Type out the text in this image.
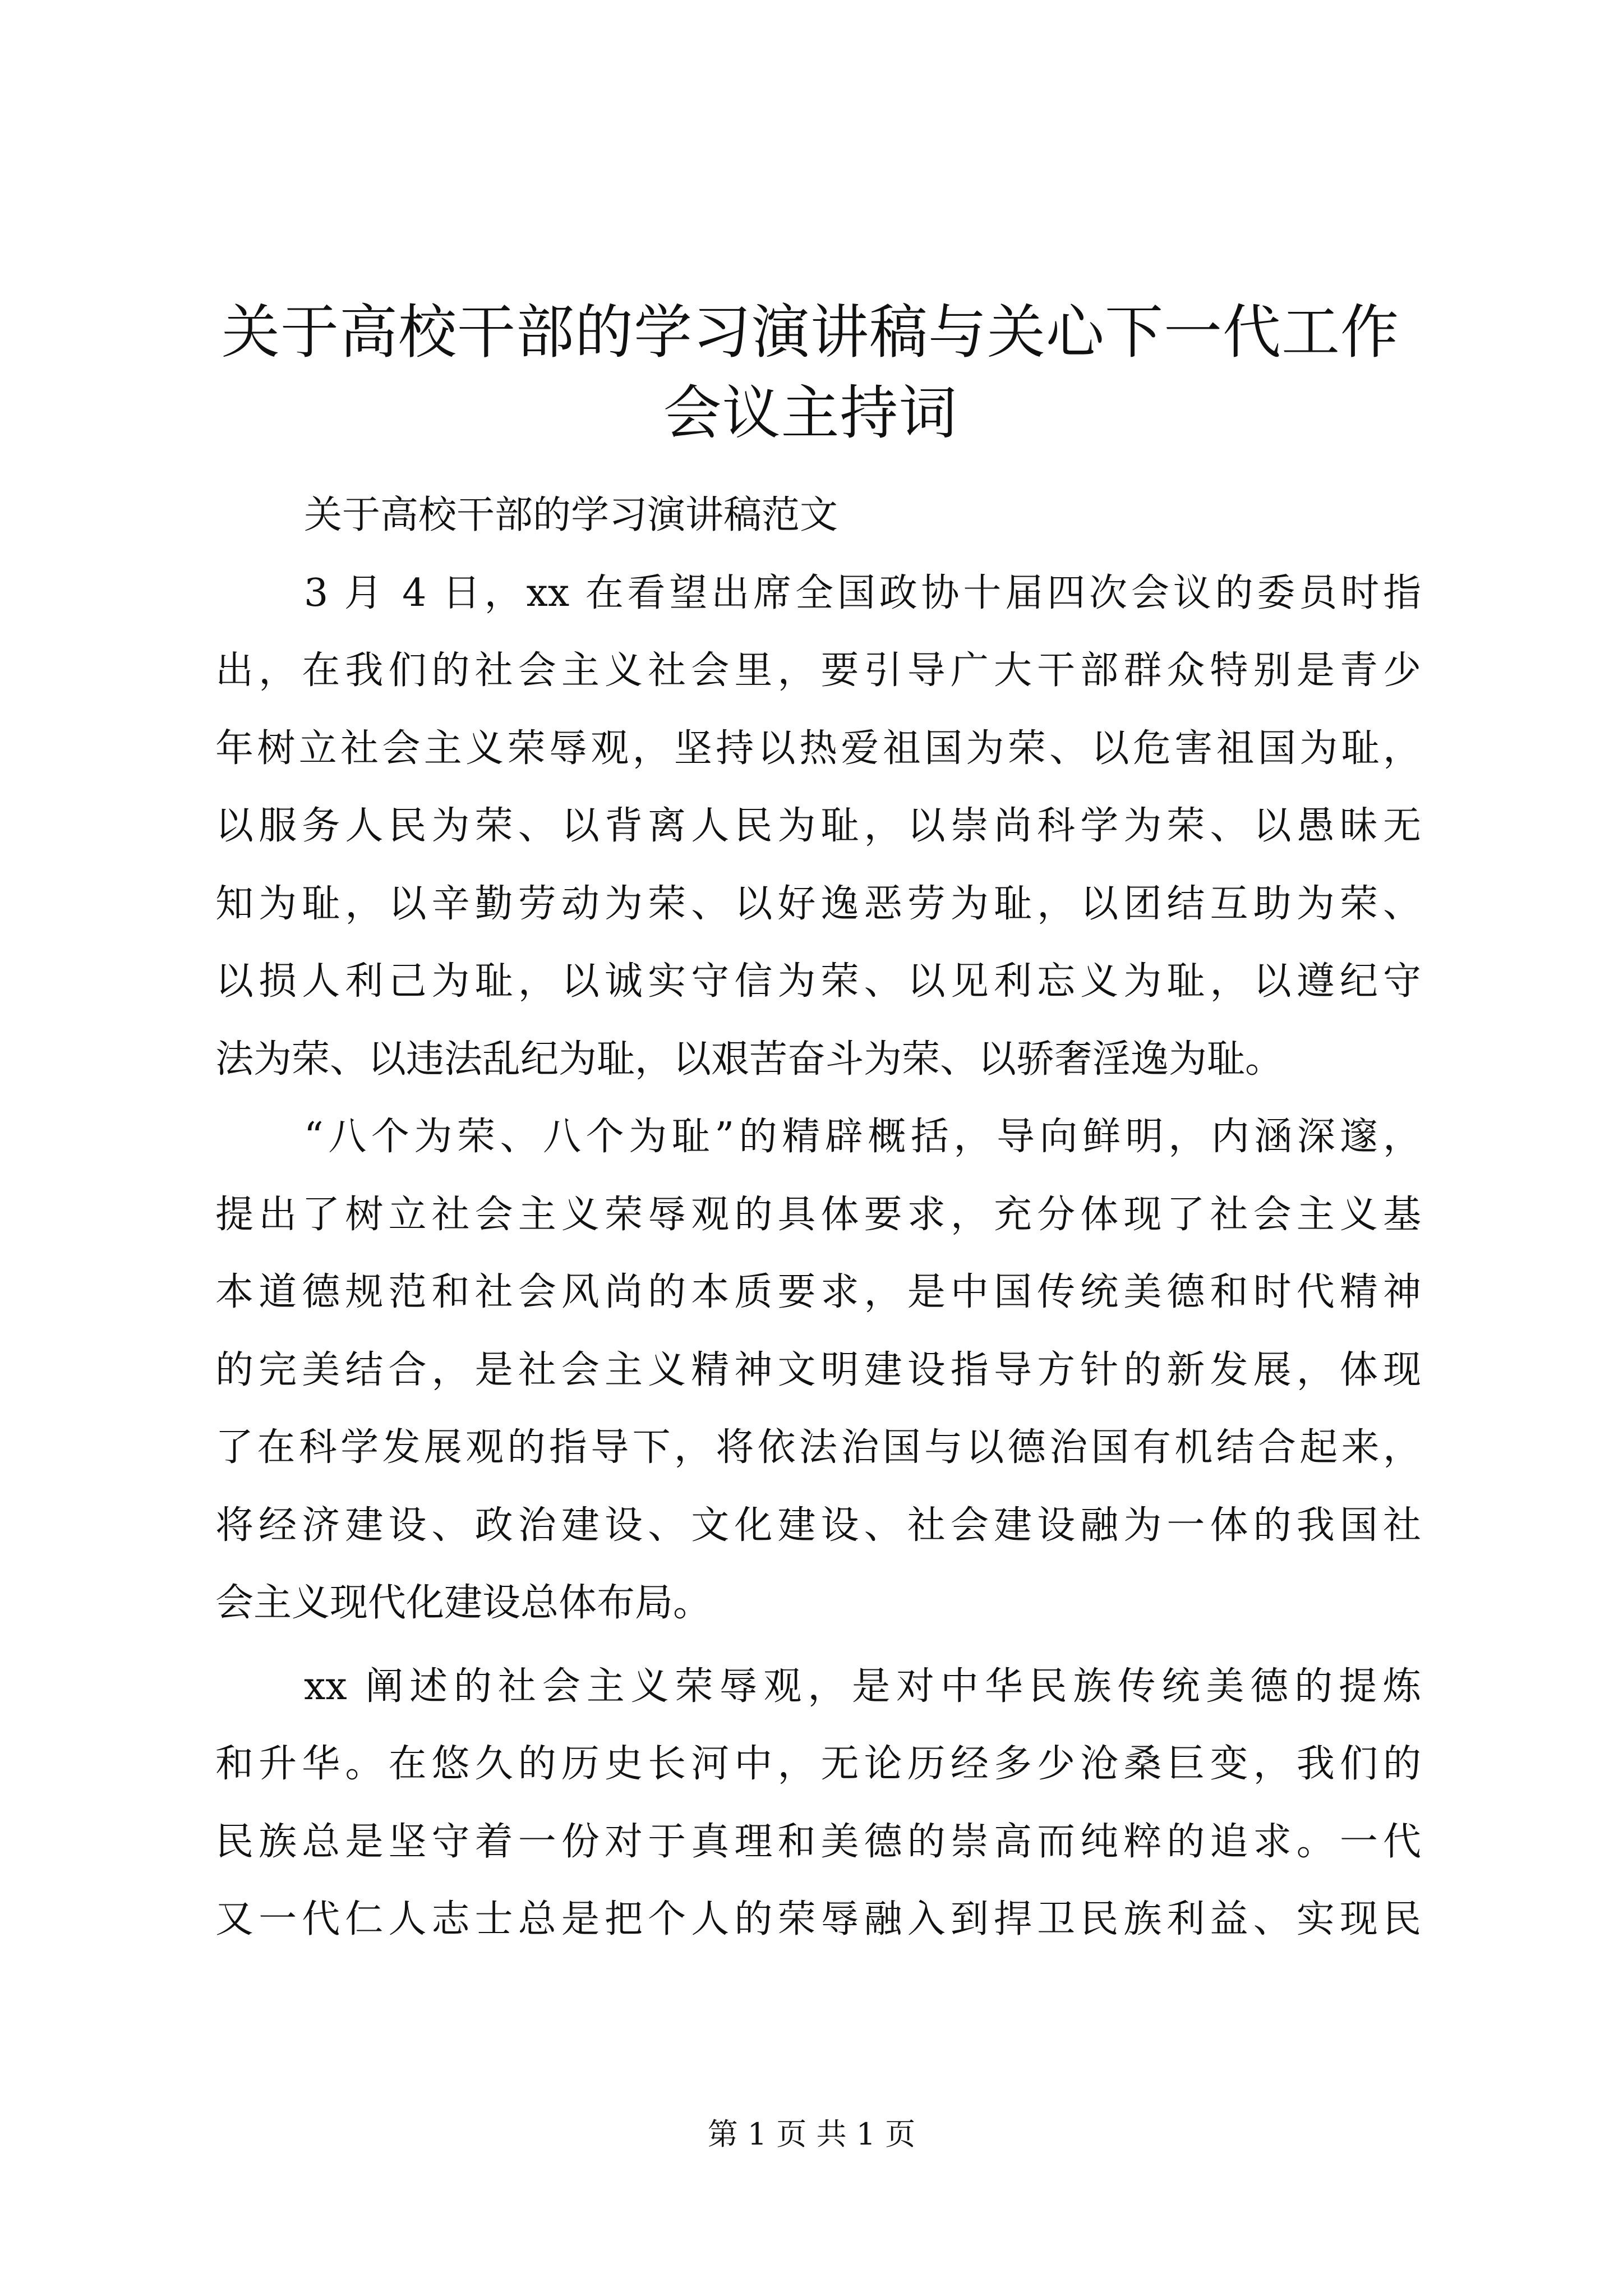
关于高校干部的学习演讲稿与关心下一代工作
会议主持词
关于高校干部的学习演讲稿范文
3 月 4 日，xx 在看望出席全国政协十届四次会议的委员时指
出，在我们的社会主义社会里，要引导广大干部群众特别是青少
年树立社会主义荣辱观，坚持以热爱祖国为荣、以危害祖国为耻，
以服务人民为荣、以背离人民为耻，以崇尚科学为荣、以愚昧无
知为耻，以辛勤劳动为荣、以好逸恶劳为耻，以团结互助为荣、
以损人利己为耻，以诚实守信为荣、以见利忘义为耻，以遵纪守
法为荣、以违法乱纪为耻，以艰苦奋斗为荣、以骄奢淫逸为耻。
“八个为荣、八个为耻”的精辟概括，导向鲜明，内涵深邃，
提出了树立社会主义荣辱观的具体要求，充分体现了社会主义基
本道德规范和社会风尚的本质要求，是中国传统美德和时代精神
的完美结合，是社会主义精神文明建设指导方针的新发展，体现
了在科学发展观的指导下，将依法治国与以德治国有机结合起来，
将经济建设、政治建设、文化建设、社会建设融为一体的我国社
会主义现代化建设总体布局。
xx 阐述的社会主义荣辱观，是对中华民族传统美德的提炼
和升华。在悠久的历史长河中，无论历经多少沧桑巨变，我们的
民族总是坚守着一份对于真理和美德的崇高而纯粹的追求。一代
又一代仁人志士总是把个人的荣辱融入到捍卫民族利益、实现民
第 1 页 共 1 页
